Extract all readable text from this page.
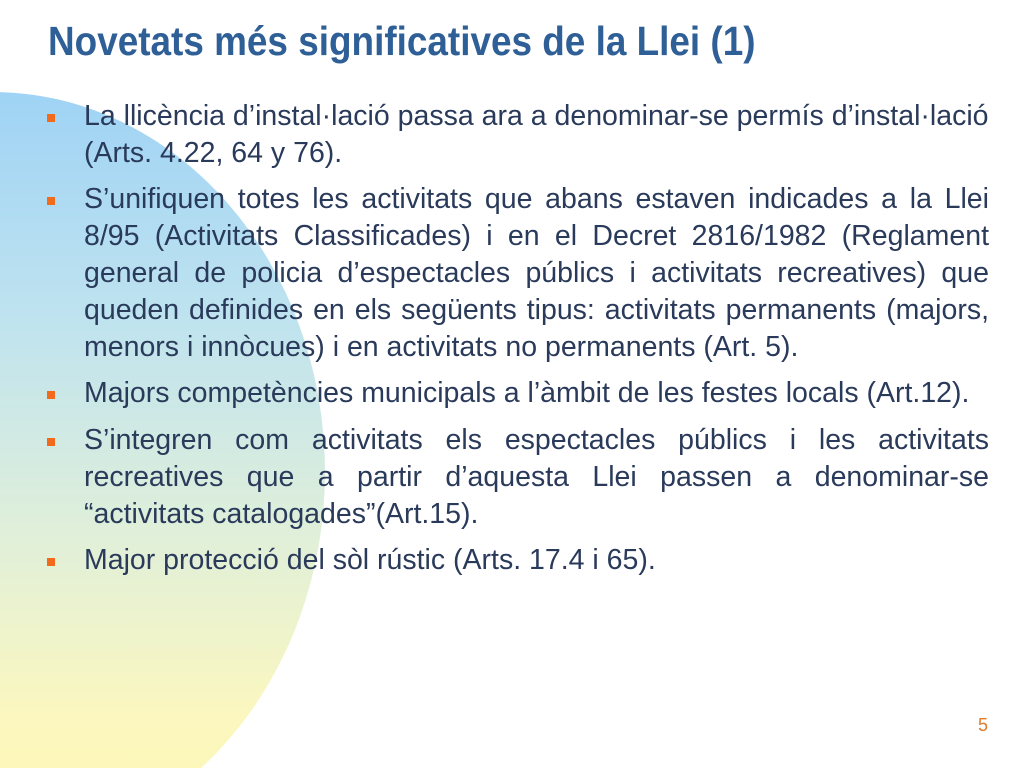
Novetats més significatives de la Llei (1)
La llicència d’instal·lació passa ara a denominar-se permís d’instal·lació (Arts. 4.22, 64 y 76).
S’unifiquen totes les activitats que abans estaven indicades a la Llei 8/95 (Activitats Classificades) i en el Decret 2816/1982 (Reglament general de policia d’espectacles públics i activitats recreatives) que queden definides en els següents tipus: activitats permanents (majors, menors i innòcues) i en activitats no permanents (Art. 5).
Majors competències municipals a l’àmbit de les festes locals (Art.12).
S’integren com activitats els espectacles públics i les activitats recreatives que a partir d’aquesta Llei passen a denominar-se “activitats catalogades”(Art.15).
Major protecció del sòl rústic (Arts. 17.4 i 65).
5
